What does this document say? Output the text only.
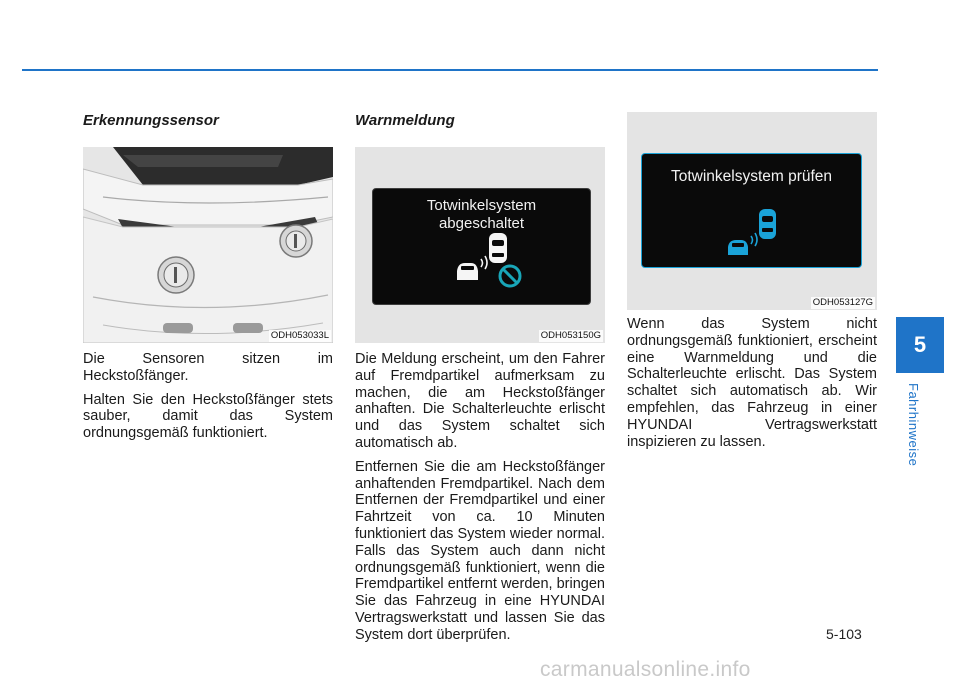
Erkennungssensor
ODH053033L

Die Sensoren sitzen im Heckstoßfänger.

Halten Sie den Heckstoßfänger stets sauber, damit das System ordnungsgemäß funktioniert.

Warnmeldung
Totwinkelsystem
abgeschaltet
ODH053150G

Die Meldung erscheint, um den Fahrer auf Fremdpartikel aufmerksam zu machen, die am Heckstoßfänger anhaften. Die Schalterleuchte erlischt und das System schaltet sich automatisch ab.

Entfernen Sie die am Heckstoßfänger anhaftenden Fremdpartikel. Nach dem Entfernen der Fremdpartikel und einer Fahrtzeit von ca. 10 Minuten funktioniert das System wieder normal. Falls das System auch dann nicht ordnungsgemäß funktioniert, wenn die Fremdpartikel entfernt werden, bringen Sie das Fahrzeug in eine HYUNDAI Vertragswerkstatt und lassen Sie das System dort überprüfen.

Totwinkelsystem prüfen
ODH053127G

Wenn das System nicht ordnungsgemäß funktioniert, erscheint eine Warnmeldung und die Schalterleuchte erlischt. Das System schaltet sich automatisch ab. Wir empfehlen, das Fahrzeug in einer HYUNDAI Vertragswerkstatt inspizieren zu lassen.

5
Fahrhinweise
5-103
carmanualsonline.info
